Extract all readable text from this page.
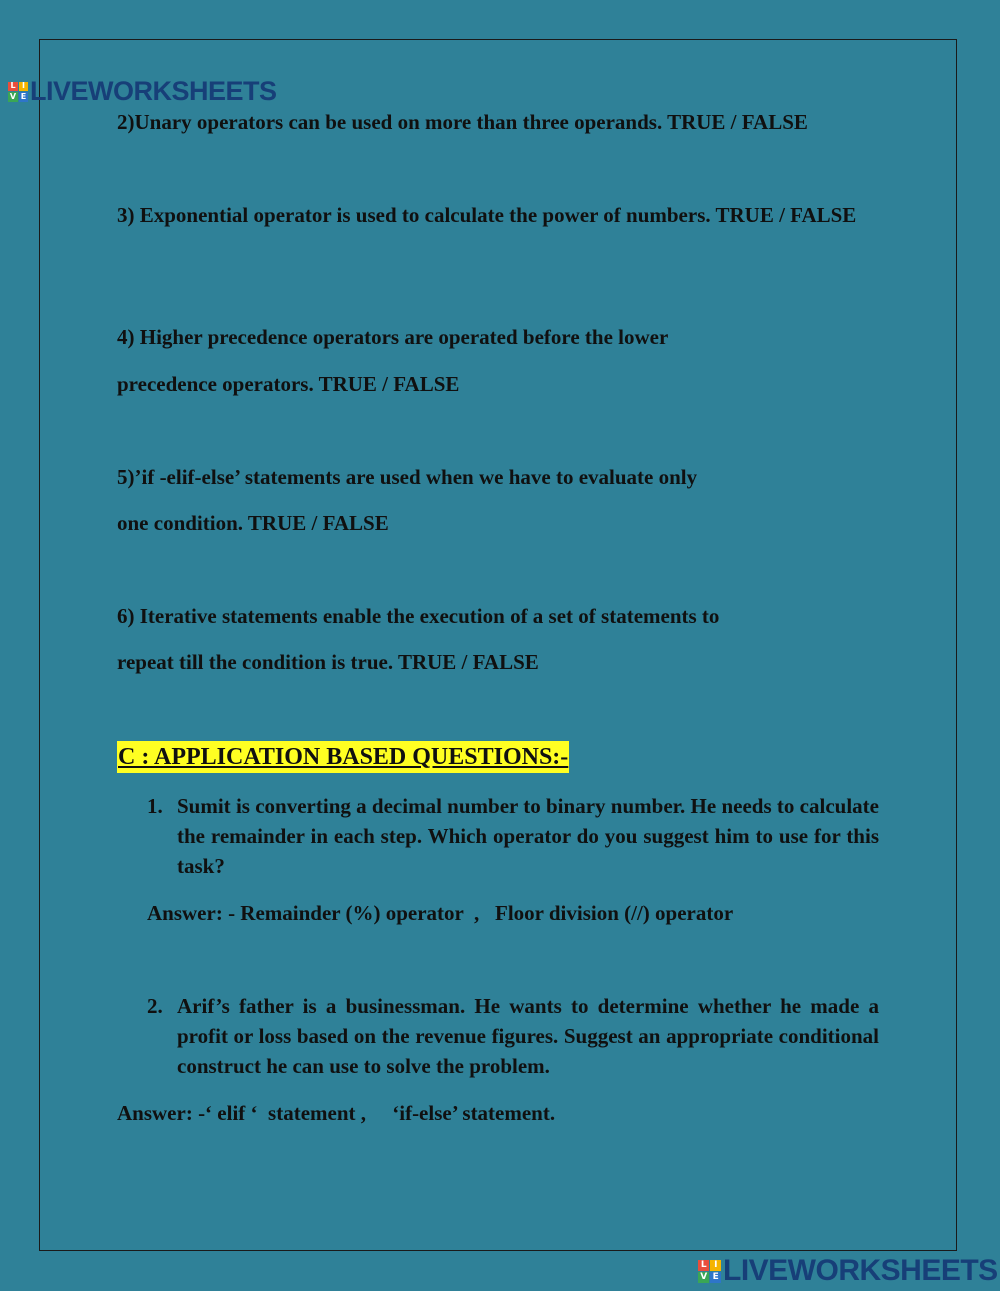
L I
V E LIVEWORKSHEETS
2)Unary operators can be used on more than three operands. TRUE / FALSE
3) Exponential operator is used to calculate the power of numbers. TRUE / FALSE
4) Higher precedence operators are operated before the lower
precedence operators. TRUE / FALSE
5)’if -elif-else’ statements are used when we have to evaluate only
one condition. TRUE / FALSE
6) Iterative statements enable the execution of a set of statements to
repeat till the condition is true. TRUE / FALSE
C : APPLICATION BASED QUESTIONS:-
1. Sumit is converting a decimal number to binary number. He needs to calculate the remainder in each step. Which operator do you suggest him to use for this task?
Answer: - Remainder (%) operator  ,   Floor division (//) operator
2. Arif’s father is a businessman. He wants to determine whether he made a profit or loss based on the revenue figures. Suggest an appropriate conditional construct he can use to solve the problem.
Answer: -‘ elif ‘  statement ,     ‘if-else’ statement.
L I
V E LIVEWORKSHEETS
